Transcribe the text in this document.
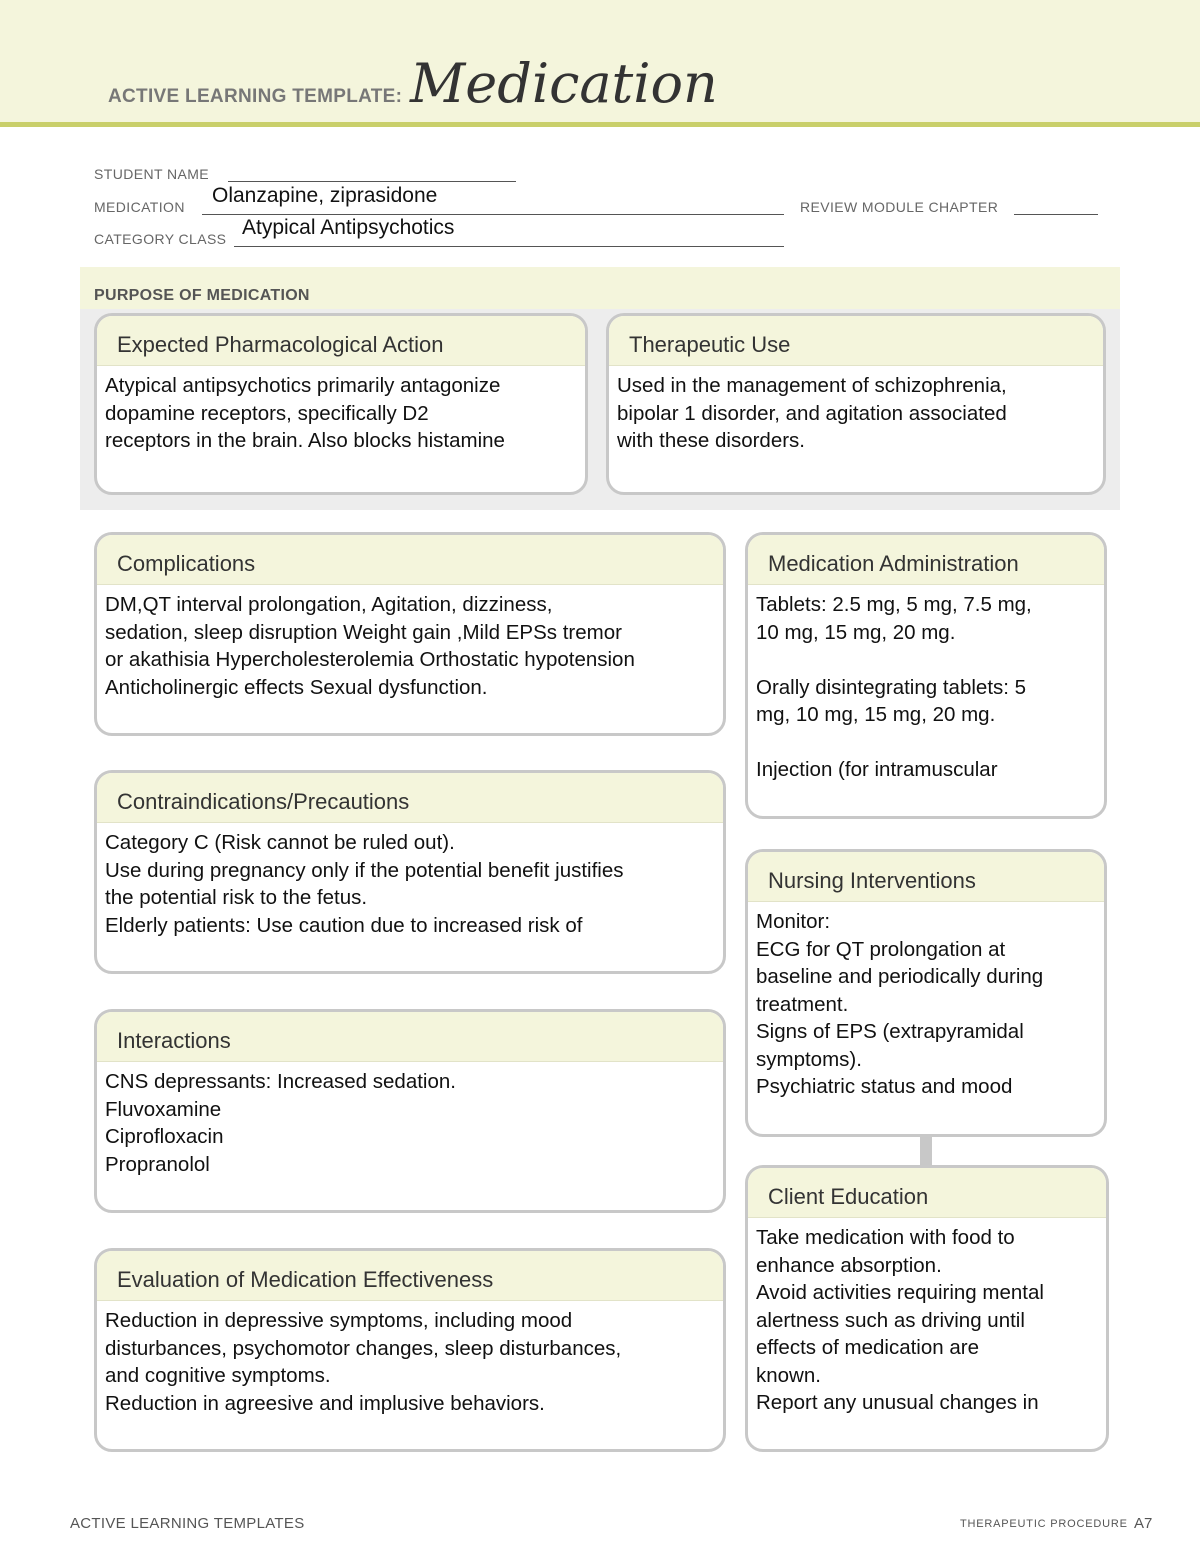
ACTIVE LEARNING TEMPLATE: Medication
STUDENT NAME
MEDICATION Olanzapine, ziprasidone	REVIEW MODULE CHAPTER
CATEGORY CLASS Atypical Antipsychotics
PURPOSE OF MEDICATION
Expected Pharmacological Action
Atypical antipsychotics primarily antagonize
dopamine receptors, specifically D2
receptors in the brain. Also blocks histamine
Therapeutic Use
Used in the management of schizophrenia,
bipolar 1 disorder, and agitation associated
with these disorders.
Complications
DM,QT interval prolongation, Agitation, dizziness,
sedation, sleep disruption Weight gain ,Mild EPSs tremor
or akathisia Hypercholesterolemia Orthostatic hypotension
Anticholinergic effects Sexual dysfunction.
Contraindications/Precautions
Category C (Risk cannot be ruled out).
Use during pregnancy only if the potential benefit justifies
the potential risk to the fetus.
Elderly patients: Use caution due to increased risk of
Interactions
CNS depressants: Increased sedation.
Fluvoxamine
Ciprofloxacin
Propranolol
Evaluation of Medication Effectiveness
Reduction in depressive symptoms, including mood
disturbances, psychomotor changes, sleep disturbances,
and cognitive symptoms.
Reduction in agreesive and implusive behaviors.
Medication Administration
Tablets: 2.5 mg, 5 mg, 7.5 mg,
10 mg, 15 mg, 20 mg.

Orally disintegrating tablets: 5
mg, 10 mg, 15 mg, 20 mg.

Injection (for intramuscular
Nursing Interventions
Monitor:
ECG for QT prolongation at
baseline and periodically during
treatment.
Signs of EPS (extrapyramidal
symptoms).
Psychiatric status and mood
Client Education
Take medication with food to
enhance absorption.
Avoid activities requiring mental
alertness such as driving until
effects of medication are
known.
Report any unusual changes in
ACTIVE LEARNING TEMPLATES	THERAPEUTIC PROCEDURE A7
